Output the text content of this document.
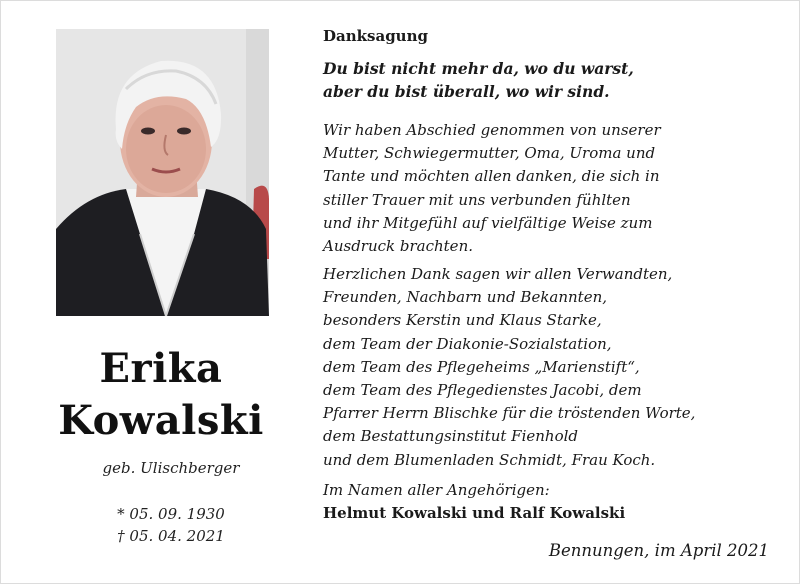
Erika
Kowalski
geb. Ulischberger
* 05. 09. 1930
† 05. 04. 2021
Danksagung
Du bist nicht mehr da, wo du warst,
aber du bist überall, wo wir sind.
Wir haben Abschied genommen von unserer
Mutter, Schwiegermutter, Oma, Uroma und
Tante und möchten allen danken, die sich in
stiller Trauer mit uns verbunden fühlten
und ihr Mitgefühl auf vielfältige Weise zum
Ausdruck brachten.
Herzlichen Dank sagen wir allen Verwandten,
Freunden, Nachbarn und Bekannten,
besonders Kerstin und Klaus Starke,
dem Team der Diakonie-Sozialstation,
dem Team des Pflegeheims „Marienstift“,
dem Team des Pflegedienstes Jacobi, dem
Pfarrer Herrn Blischke für die tröstenden Worte,
dem Bestattungsinstitut Fienhold
und dem Blumenladen Schmidt, Frau Koch.
Im Namen aller Angehörigen:
Helmut Kowalski und Ralf Kowalski
Bennungen, im April 2021
